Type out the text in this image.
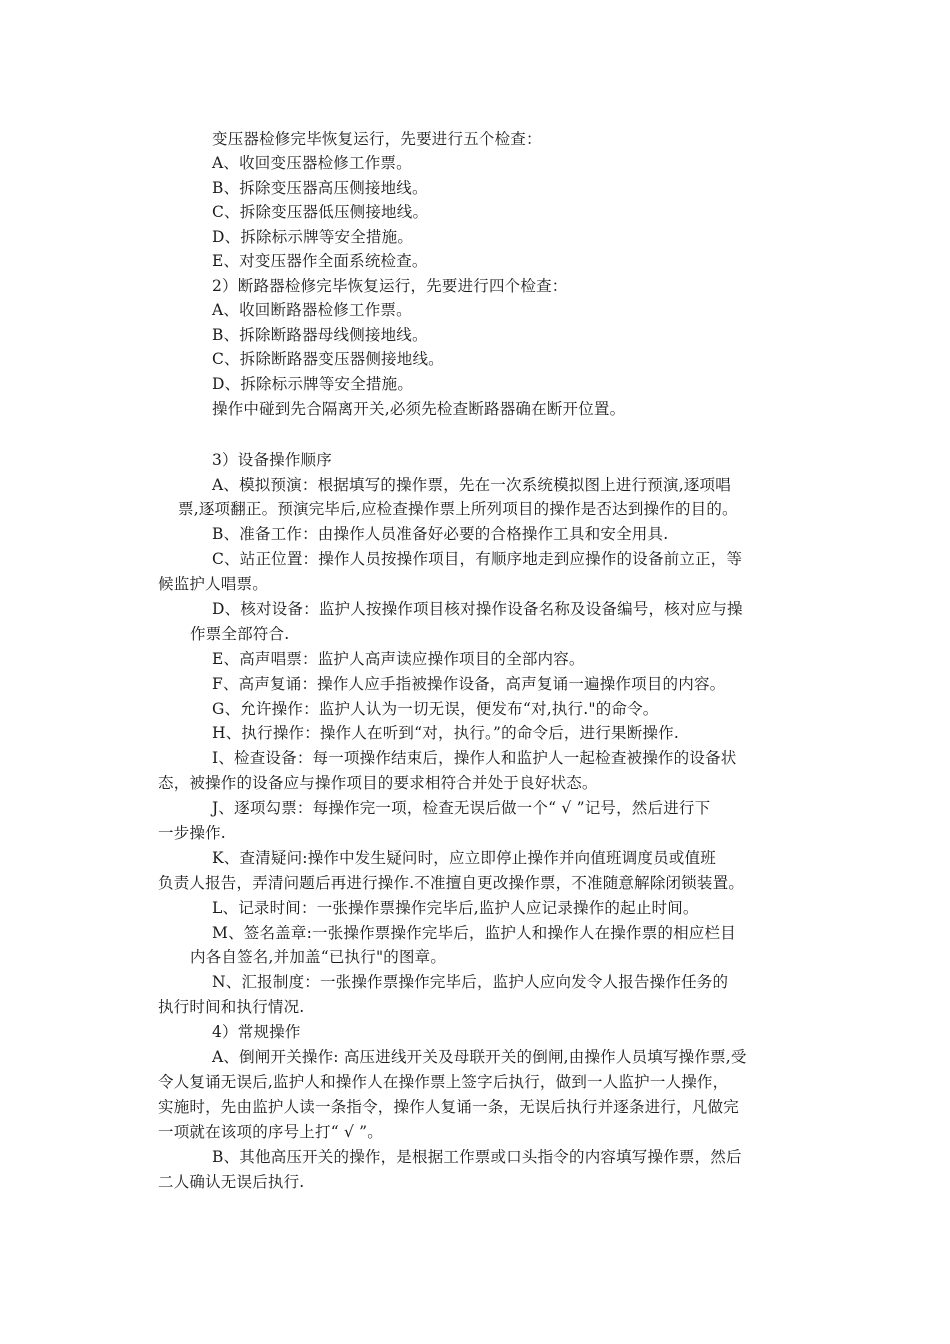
变压器检修完毕恢复运行，先要进行五个检查：
A、收回变压器检修工作票。
B、拆除变压器高压侧接地线。
C、拆除变压器低压侧接地线。
D、拆除标示牌等安全措施。
E、对变压器作全面系统检查。
2）断路器检修完毕恢复运行，先要进行四个检查：
A、收回断路器检修工作票。
B、拆除断路器母线侧接地线。
C、拆除断路器变压器侧接地线。
D、拆除标示牌等安全措施。
操作中碰到先合隔离开关,必须先检查断路器确在断开位置。
3）设备操作顺序
A、模拟预演：根据填写的操作票，先在一次系统模拟图上进行预演,逐项唱
票,逐项翻正。预演完毕后,应检查操作票上所列项目的操作是否达到操作的目的。
B、准备工作：由操作人员准备好必要的合格操作工具和安全用具.
C、站正位置：操作人员按操作项目，有顺序地走到应操作的设备前立正，等
候监护人唱票。
D、核对设备：监护人按操作项目核对操作设备名称及设备编号，核对应与操
作票全部符合.
E、高声唱票：监护人高声读应操作项目的全部内容。
F、高声复诵：操作人应手指被操作设备，高声复诵一遍操作项目的内容。
G、允许操作：监护人认为一切无误，便发布“对,执行."的命令。
H、执行操作：操作人在听到“对，执行。”的命令后，进行果断操作.
I、检查设备：每一项操作结束后，操作人和监护人一起检查被操作的设备状
态，被操作的设备应与操作项目的要求相符合并处于良好状态。
J、逐项勾票：每操作完一项，检查无误后做一个“ √ ”记号，然后进行下
一步操作.
K、查清疑问:操作中发生疑问时，应立即停止操作并向值班调度员或值班
负责人报告，弄清问题后再进行操作.不准擅自更改操作票，不准随意解除闭锁装置。
L、记录时间：一张操作票操作完毕后,监护人应记录操作的起止时间。
M、签名盖章:一张操作票操作完毕后，监护人和操作人在操作票的相应栏目
内各自签名,并加盖“已执行"的图章。
N、汇报制度：一张操作票操作完毕后，监护人应向发令人报告操作任务的
执行时间和执行情况.
4）常规操作
A、倒闸开关操作: 高压进线开关及母联开关的倒闸,由操作人员填写操作票,受
令人复诵无误后,监护人和操作人在操作票上签字后执行，做到一人监护一人操作，
实施时，先由监护人读一条指令，操作人复诵一条，无误后执行并逐条进行，凡做完
一项就在该项的序号上打“ √ ”。
B、其他高压开关的操作，是根据工作票或口头指令的内容填写操作票，然后
二人确认无误后执行.
